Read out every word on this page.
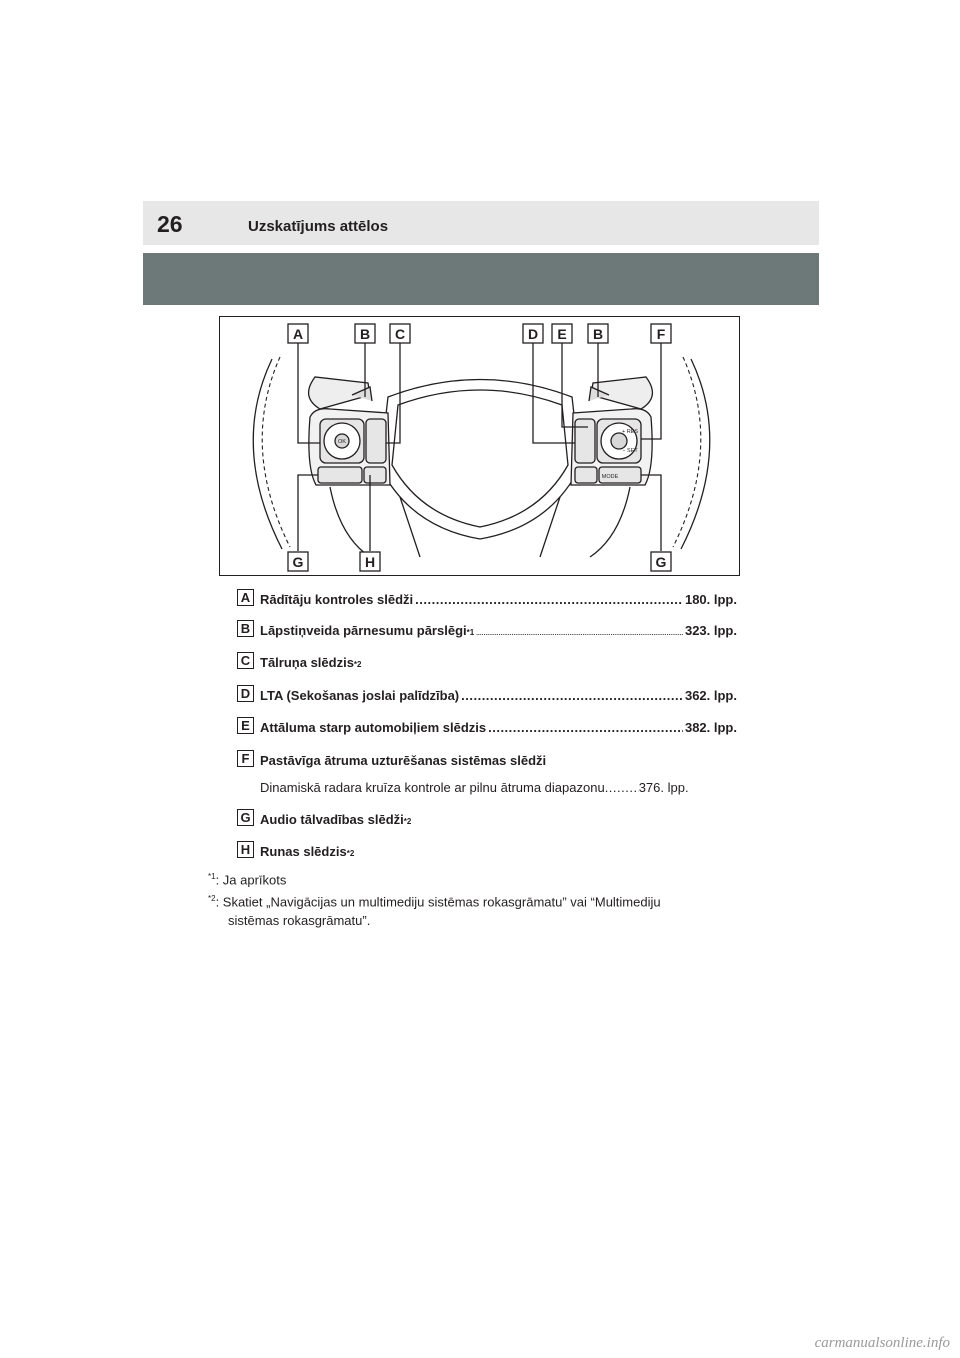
26	Uzskatījums attēlos
OK
+ RES
− SET
MODE
A	B C	D E B	F
G	H	G
A Rādītāju kontroles slēdži .....	180. lpp.
B Lāpstiņveida pārnesumu pārslēgi *1 .....	323. lpp.
C Tālruņa slēdzis *2
D LTA (Sekošanas joslai palīdzība) .....	362. lpp.
E Attāluma starp automobiļiem slēdzis .....	382. lpp.
F Pastāvīga ātruma uzturēšanas sistēmas slēdži
Dinamiskā radara kruīza kontrole ar pilnu ātruma diapazonu .....	376. lpp.
G Audio tālvadības slēdži *2
H Runas slēdzis *2
$^{*1}$: Ja aprīkots
$^{*2}$: Skatiet „Navigācijas un multimediju sistēmas rokasgrāmatu” vai “Multimediju
sistēmas rokasgrāmatu”.
carmanualsonline.info
